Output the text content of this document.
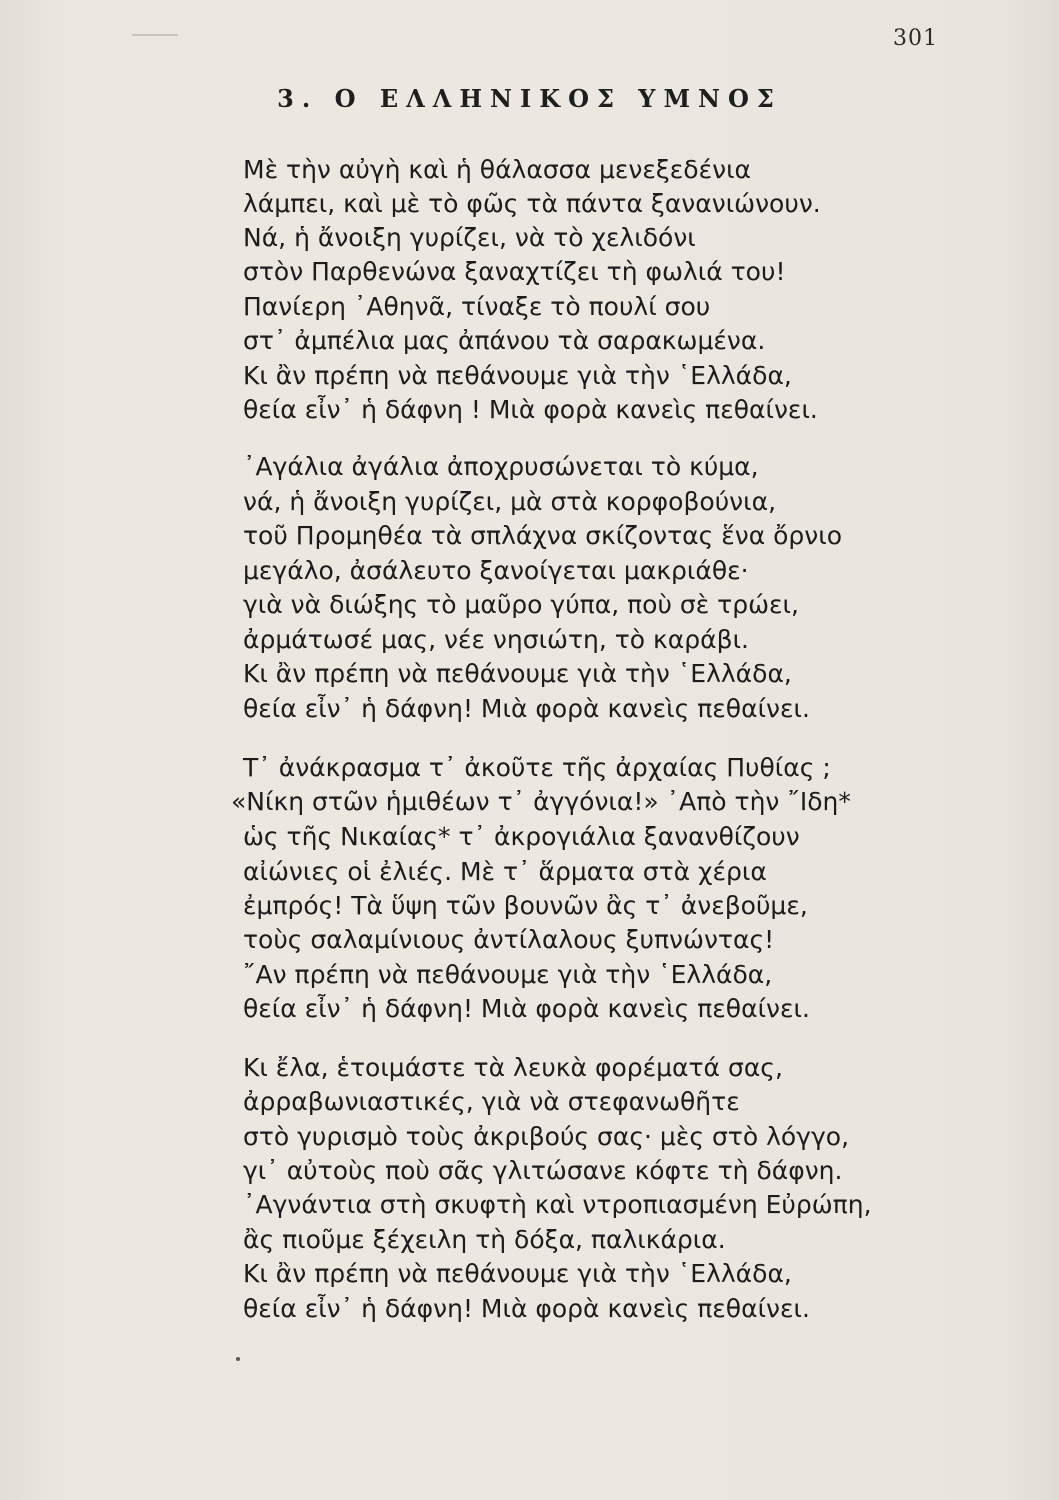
301
3. Ο ΕΛΛΗΝΙΚΟΣ ΥΜΝΟΣ
Μὲ τὴν αὐγὴ καὶ ἡ θάλασσα μενεξεδένια
λάμπει, καὶ μὲ τὸ φῶς τὰ πάντα ξανανιώνουν.
Νά, ἡ ἄνοιξη γυρίζει, νὰ τὸ χελιδόνι
στὸν Παρθενώνα ξαναχτίζει τὴ φωλιά του!
Πανίερη ᾿Αθηνᾶ, τίναξε τὸ πουλί σου
στ᾿ ἀμπέλια μας ἀπάνου τὰ σαρακωμένα.
Κι ἂν πρέπη νὰ πεθάνουμε γιὰ τὴν ῾Ελλάδα,
θεία εἶν᾿ ἡ δάφνη ! Μιὰ φορὰ κανεὶς πεθαίνει.
᾿Αγάλια ἀγάλια ἀποχρυσώνεται τὸ κύμα,
νά, ἡ ἄνοιξη γυρίζει, μὰ στὰ κορφοβούνια,
τοῦ Προμηθέα τὰ σπλάχνα σκίζοντας ἕνα ὄρνιο
μεγάλο, ἀσάλευτο ξανοίγεται μακριάθε·
γιὰ νὰ διώξης τὸ μαῦρο γύπα, ποὺ σὲ τρώει,
ἀρμάτωσέ μας, νέε νησιώτη, τὸ καράβι.
Κι ἂν πρέπη νὰ πεθάνουμε γιὰ τὴν ῾Ελλάδα,
θεία εἶν᾿ ἡ δάφνη! Μιὰ φορὰ κανεὶς πεθαίνει.
Τ᾿ ἀνάκρασμα τ᾿ ἀκοῦτε τῆς ἀρχαίας Πυθίας ;
«Νίκη στῶν ἡμιθέων τ᾿ ἀγγόνια!» ᾿Απὸ τὴν ῎Ιδη*
ὡς τῆς Νικαίας* τ᾿ ἀκρογιάλια ξανανθίζουν
αἰώνιες οἱ ἐλιές. Μὲ τ᾿ ἅρματα στὰ χέρια
ἐμπρός! Τὰ ὕψη τῶν βουνῶν ἂς τ᾿ ἀνεβοῦμε,
τοὺς σαλαμίνιους ἀντίλαλους ξυπνώντας!
῎Αν πρέπη νὰ πεθάνουμε γιὰ τὴν ῾Ελλάδα,
θεία εἶν᾿ ἡ δάφνη! Μιὰ φορὰ κανεὶς πεθαίνει.
Κι ἔλα, ἑτοιμάστε τὰ λευκὰ φορέματά σας,
ἀρραβωνιαστικές, γιὰ νὰ στεφανωθῆτε
στὸ γυρισμὸ τοὺς ἀκριβούς σας· μὲς στὸ λόγγο,
γι᾿ αὐτοὺς ποὺ σᾶς γλιτώσανε κόφτε τὴ δάφνη.
᾿Αγνάντια στὴ σκυφτὴ καὶ ντροπιασμένη Εὐρώπη,
ἂς πιοῦμε ξέχειλη τὴ δόξα, παλικάρια.
Κι ἂν πρέπη νὰ πεθάνουμε γιὰ τὴν ῾Ελλάδα,
θεία εἶν᾿ ἡ δάφνη! Μιὰ φορὰ κανεὶς πεθαίνει.
